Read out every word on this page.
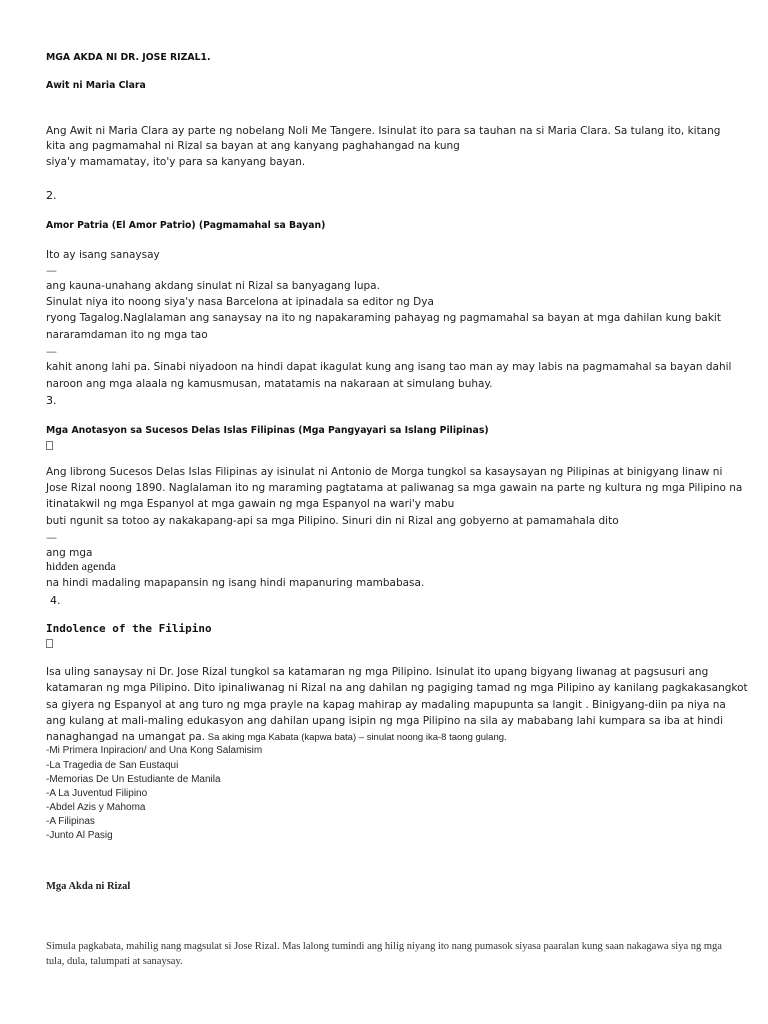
MGA AKDA NI DR. JOSE RIZAL1.

Awit ni Maria Clara

Ang Awit ni Maria Clara ay parte ng nobelang Noli Me Tangere. Isinulat ito para sa tauhan na si Maria Clara. Sa tulang ito, kitang

kita ang pagmamahal ni Rizal sa bayan at ang kanyang paghahangad na kung

siya'y mamamatay, ito'y para sa kanyang bayan.

2.

Amor Patria (El Amor Patrio) (Pagmamahal sa Bayan)

Ito ay isang sanaysay

—

ang kauna-unahang akdang sinulat ni Rizal sa banyagang lupa.

Sinulat niya ito noong siya'y nasa Barcelona at ipinadala sa editor ng Dya

ryong Tagalog.Naglalaman ang sanaysay na ito ng napakaraming pahayag ng pagmamahal sa bayan at mga dahilan kung bakit

nararamdaman ito ng mga tao

—

kahit anong lahi pa. Sinabi niyadoon na hindi dapat ikagulat kung ang isang tao man ay may labis na pagmamahal sa bayan dahil

naroon ang mga alaala ng kamusmusan, matatamis na nakaraan at simulang buhay.

3.

Mga Anotasyon sa Sucesos Delas Islas Filipinas (Mga Pangyayari sa Islang Pilipinas)

Ang librong Sucesos Delas Islas Filipinas ay isinulat ni Antonio de Morga tungkol sa kasaysayan ng Pilipinas at binigyang linaw ni

Jose Rizal noong 1890. Naglalaman ito ng maraming pagtatama at paliwanag sa mga gawain na parte ng kultura ng mga Pilipino na

itinatakwil ng mga Espanyol at mga gawain ng mga Espanyol na wari'y mabu

buti ngunit sa totoo ay nakakapang-api sa mga Pilipino. Sinuri din ni Rizal ang gobyerno at pamamahala dito

—

ang mga

hidden agenda

na hindi madaling mapapansin ng isang hindi mapanuring mambabasa.

4.

Indolence of the Filipino

Isa uling sanaysay ni Dr. Jose Rizal tungkol sa katamaran ng mga Pilipino. Isinulat ito upang bigyang liwanag at pagsusuri ang

katamaran ng mga Pilipino. Dito ipinaliwanag ni Rizal na ang dahilan ng pagiging tamad ng mga Pilipino ay kanilang pagkakasangkot

sa giyera ng Espanyol at ang turo ng mga prayle na kapag mahirap ay madaling mapupunta sa langit . Binigyang-diin pa niya na

ang kulang at mali-maling edukasyon ang dahilan upang isipin ng mga Pilipino na sila ay mababang lahi kumpara sa iba at hindi

nanaghangad na umangat pa. Sa aking mga Kabata (kapwa bata) – sinulat noong ika-8 taong gulang.

-Mi Primera Inpiracion/ and Una Kong Salamisim

-La Tragedia de San Eustaqui

-Memorias De Un Estudiante de Manila

-A La Juventud Filipino

-Abdel Azis y Mahoma

-A Filipinas

-Junto Al Pasig

Mga Akda ni Rizal

Simula pagkabata, mahilig nang magsulat si Jose Rizal. Mas lalong tumindi ang hilig niyang ito nang pumasok siyasa paaralan kung saan nakagawa siya ng mga tula, dula, talumpati at sanaysay.
